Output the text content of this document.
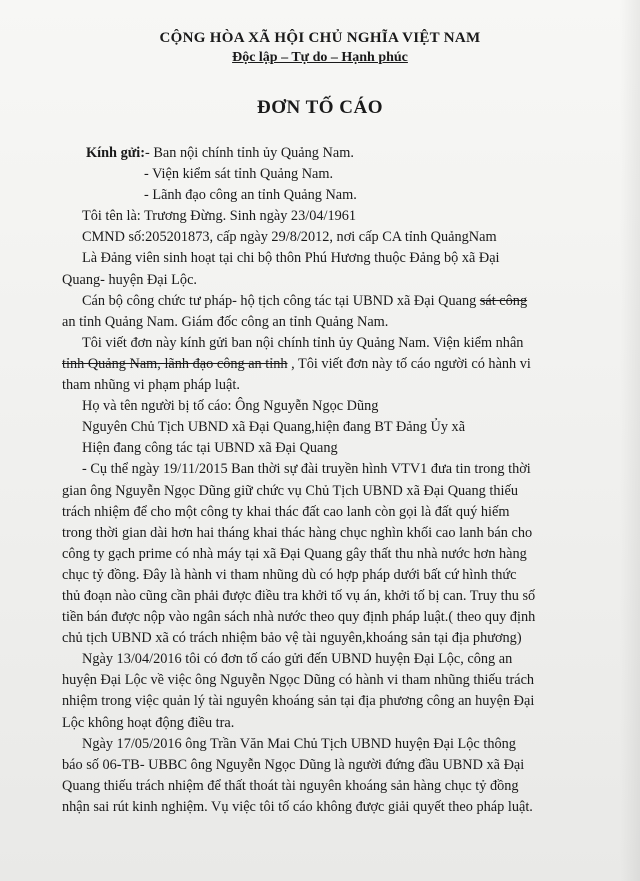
CỘNG HÒA XÃ HỘI CHỦ NGHĨA VIỆT NAM
Độc lập – Tự do – Hạnh phúc
ĐƠN TỐ CÁO
Kính gửi:- Ban nội chính tỉnh ủy Quảng Nam.
- Viện kiểm sát tỉnh Quảng Nam.
- Lãnh đạo công an tỉnh Quảng Nam.
Tôi tên là: Trương Đừng. Sinh ngày 23/04/1961
CMND số:205201873, cấp ngày 29/8/2012, nơi cấp CA tỉnh QuảngNam
Là Đảng viên sinh hoạt tại chi bộ thôn Phú Hương thuộc Đảng bộ xã Đại
Quang- huyện Đại Lộc.
Cán bộ công chức tư pháp- hộ tịch công tác tại UBND xã Đại Quang sát công
an tỉnh Quảng Nam. Giám đốc công an tỉnh Quảng Nam.
Tôi viết đơn này kính gửi ban nội chính tỉnh ủy Quảng Nam. Viện kiểm nhân
tỉnh Quảng Nam, lãnh đạo công an tỉnh , Tôi viết đơn này tố cáo người có hành vi
tham nhũng vi phạm pháp luật.
Họ và tên người bị tố cáo: Ông Nguyễn Ngọc Dũng
Nguyên Chủ Tịch UBND xã Đại Quang,hiện đang BT Đảng Ủy xã
Hiện đang công tác tại UBND xã Đại Quang
- Cụ thể ngày 19/11/2015 Ban thời sự đài truyền hình VTV1 đưa tin trong thời
gian ông Nguyễn Ngọc Dũng giữ chức vụ Chủ Tịch UBND xã Đại Quang thiếu
trách nhiệm để cho một công ty khai thác đất cao lanh còn gọi là đất quý hiếm
trong thời gian dài hơn hai tháng khai thác hàng chục nghìn khối cao lanh bán cho
công ty gạch prime có nhà máy tại xã Đại Quang gây thất thu nhà nước hơn hàng
chục tỷ đồng. Đây là hành vi tham nhũng dù có hợp pháp dưới bất cứ hình thức
thủ đoạn nào cũng cần phải được điều tra khởi tố vụ án, khởi tố bị can. Truy thu số
tiền bán được nộp vào ngân sách nhà nước theo quy định pháp luật.( theo quy định
chủ tịch UBND xã có trách nhiệm bảo vệ tài nguyên,khoáng sản tại địa phương)
Ngày 13/04/2016 tôi có đơn tố cáo gửi đến UBND huyện Đại Lộc, công an
huyện Đại Lộc về việc ông Nguyễn Ngọc Dũng có hành vi tham nhũng thiếu trách
nhiệm trong việc quản lý tài nguyên khoáng sản tại địa phương công an huyện Đại
Lộc không hoạt động điều tra.
Ngày 17/05/2016 ông Trần Văn Mai Chủ Tịch UBND huyện Đại Lộc thông
báo số 06-TB- UBBC ông Nguyễn Ngọc Dũng là người đứng đầu UBND xã Đại
Quang thiếu trách nhiệm để thất thoát tài nguyên khoáng sản hàng chục tỷ đồng
nhận sai rút kinh nghiệm. Vụ việc tôi tố cáo không được giải quyết theo pháp luật.
